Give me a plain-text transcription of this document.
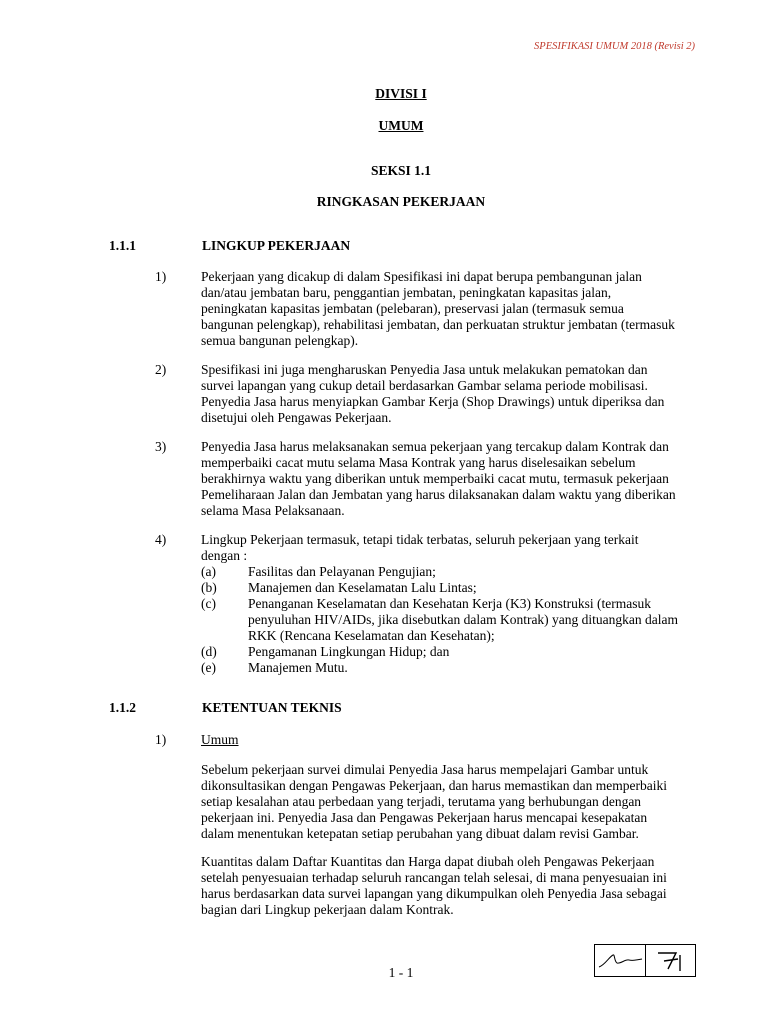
SPESIFIKASI UMUM 2018 (Revisi 2)
DIVISI I
UMUM
SEKSI 1.1
RINGKASAN PEKERJAAN
1.1.1	LINGKUP PEKERJAAN
1)	Pekerjaan yang dicakup di dalam Spesifikasi ini dapat berupa pembangunan jalan
dan/atau jembatan baru, penggantian jembatan, peningkatan kapasitas jalan,
peningkatan kapasitas jembatan (pelebaran), preservasi jalan (termasuk semua
bangunan pelengkap), rehabilitasi jembatan, dan perkuatan struktur jembatan (termasuk
semua bangunan pelengkap).
2)	Spesifikasi ini juga mengharuskan Penyedia Jasa untuk melakukan pematokan dan
survei lapangan yang cukup detail berdasarkan Gambar selama periode mobilisasi.
Penyedia Jasa harus menyiapkan Gambar Kerja (Shop Drawings) untuk diperiksa dan
disetujui oleh Pengawas Pekerjaan.
3)	Penyedia Jasa harus melaksanakan semua pekerjaan yang tercakup dalam Kontrak dan
memperbaiki cacat mutu selama Masa Kontrak yang harus diselesaikan sebelum
berakhirnya waktu yang diberikan untuk memperbaiki cacat mutu, termasuk pekerjaan
Pemeliharaan Jalan dan Jembatan yang harus dilaksanakan dalam waktu yang diberikan
selama Masa Pelaksanaan.
4)	Lingkup Pekerjaan termasuk, tetapi tidak terbatas, seluruh pekerjaan yang terkait
dengan :
(a) Fasilitas dan Pelayanan Pengujian;
(b) Manajemen dan Keselamatan Lalu Lintas;
(c) Penanganan Keselamatan dan Kesehatan Kerja (K3) Konstruksi (termasuk
penyuluhan HIV/AIDs, jika disebutkan dalam Kontrak) yang dituangkan dalam
RKK (Rencana Keselamatan dan Kesehatan);
(d) Pengamanan Lingkungan Hidup; dan
(e) Manajemen Mutu.
1.1.2	KETENTUAN TEKNIS
1)	Umum
Sebelum pekerjaan survei dimulai Penyedia Jasa harus mempelajari Gambar untuk
dikonsultasikan dengan Pengawas Pekerjaan, dan harus memastikan dan memperbaiki
setiap kesalahan atau perbedaan yang terjadi, terutama yang berhubungan dengan
pekerjaan ini. Penyedia Jasa dan Pengawas Pekerjaan harus mencapai kesepakatan
dalam menentukan ketepatan setiap perubahan yang dibuat dalam revisi Gambar.
Kuantitas dalam Daftar Kuantitas dan Harga dapat diubah oleh Pengawas Pekerjaan
setelah penyesuaian terhadap seluruh rancangan telah selesai, di mana penyesuaian ini
harus berdasarkan data survei lapangan yang dikumpulkan oleh Penyedia Jasa sebagai
bagian dari Lingkup pekerjaan dalam Kontrak.
1 - 1
